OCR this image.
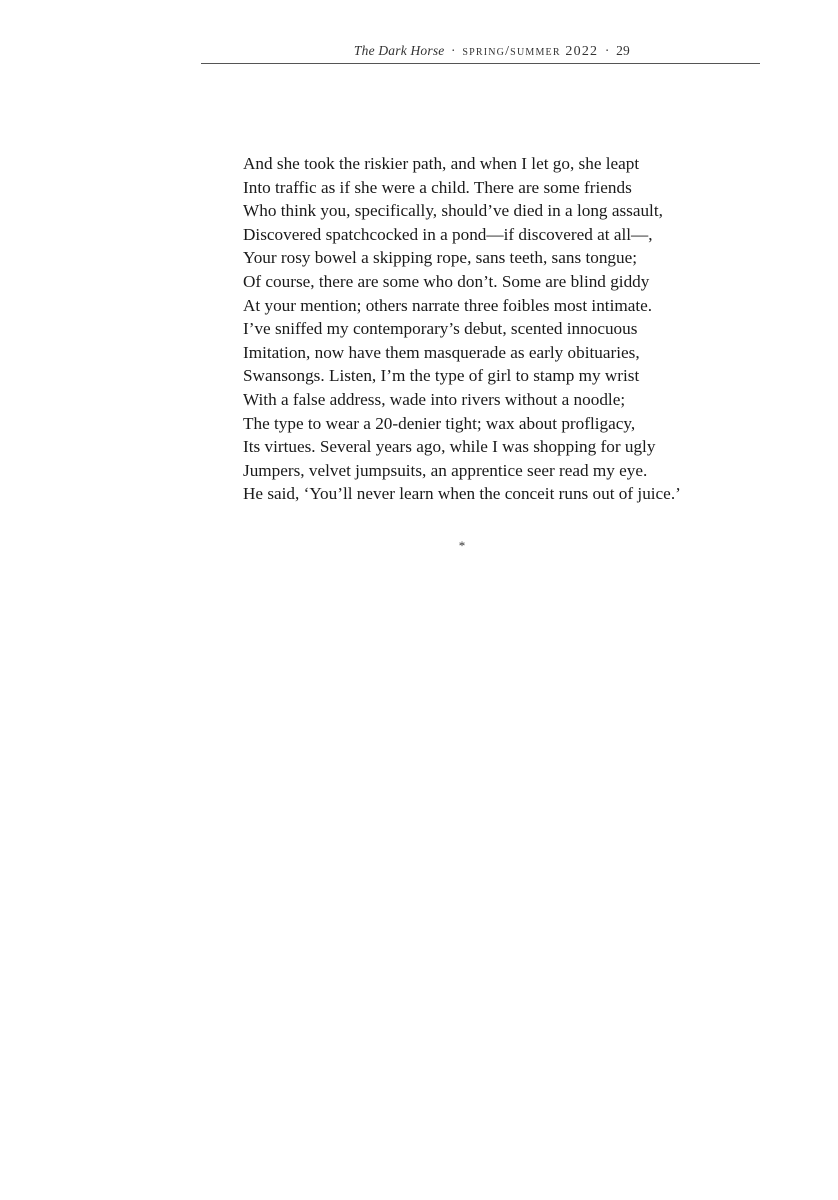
The Dark Horse · spring/summer 2022 · 29
And she took the riskier path, and when I let go, she leapt
Into traffic as if she were a child. There are some friends
Who think you, specifically, should’ve died in a long assault,
Discovered spatchcocked in a pond—if discovered at all—,
Your rosy bowel a skipping rope, sans teeth, sans tongue;
Of course, there are some who don’t. Some are blind giddy
At your mention; others narrate three foibles most intimate.
I’ve sniffed my contemporary’s debut, scented innocuous
Imitation, now have them masquerade as early obituaries,
Swansongs. Listen, I’m the type of girl to stamp my wrist
With a false address, wade into rivers without a noodle;
The type to wear a 20-denier tight; wax about profligacy,
Its virtues. Several years ago, while I was shopping for ugly
Jumpers, velvet jumpsuits, an apprentice seer read my eye.
He said, ‘You’ll never learn when the conceit runs out of juice.’
*
